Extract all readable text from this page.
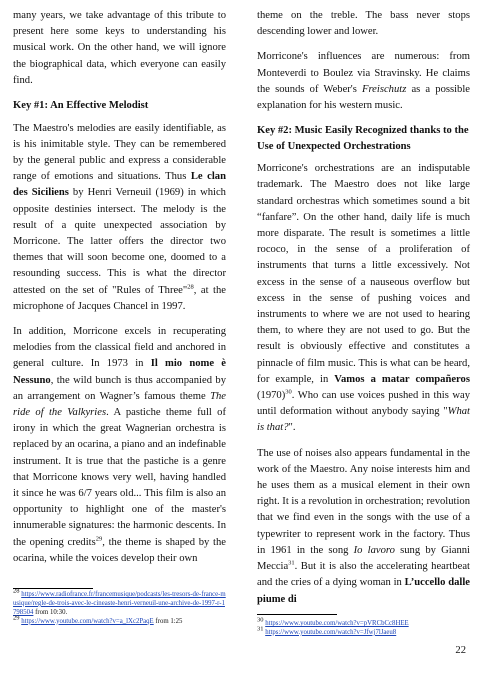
many years, we take advantage of this tribute to present here some keys to understanding his musical work. On the other hand, we will ignore the biographical data, which everyone can easily find.

Key #1: An Effective Melodist

The Maestro's melodies are easily identifiable, as is his inimitable style. They can be remembered by the general public and express a considerable range of emotions and situations. Thus Le clan des Siciliens by Henri Verneuil (1969) in which opposite destinies intersect. The melody is the result of a quite unexpected association by Morricone. The latter offers the director two themes that will soon become one, doomed to a resounding success. This is what the director attested on the set of "Rules of Three"$^{28}$, at the microphone of Jacques Chancel in 1997.

In addition, Morricone excels in recuperating melodies from the classical field and anchored in general culture. In 1973 in Il mio nome è Nessuno, the wild bunch is thus accompanied by an arrangement on Wagner’s famous theme The ride of the Valkyries. A pastiche theme full of irony in which the great Wagnerian orchestra is replaced by an ocarina, a piano and an indefinable instrument. It is true that the pastiche is a genre that Morricone knows very well, having handled it since he was 6/7 years old... This film is also an opportunity to highlight one of the master's innumerable signatures: the harmonic descents. In the opening credits$^{29}$, the theme is shaped by the ocarina, while the voices develop their own

theme on the treble. The bass never stops descending lower and lower.

Morricone's influences are numerous: from Monteverdi to Boulez via Stravinsky. He claims the sounds of Weber's Freischutz as a possible explanation for his western music.

Key #2: Music Easily Recognized thanks to the Use of Unexpected Orchestrations

Morricone's orchestrations are an indisputable trademark. The Maestro does not like large standard orchestras which sometimes sound a bit “fanfare”. On the other hand, daily life is much more disparate. The result is sometimes a little rococo, in the sense of a proliferation of instruments that turns a little excessively. Not excess in the sense of a nauseous overflow but excess in the sense of pushing voices and instruments to where we are not used to hearing them, to where they are not used to go. But the result is obviously effective and constitutes a pinnacle of film music. This is what can be heard, for example, in Vamos a matar compañeros $(1970)^{30}$. Who can use voices pushed in this way until deformation without anybody saying "What is that?".

The use of noises also appears fundamental in the work of the Maestro. Any noise interests him and he uses them as a musical element in their own right. It is a revolution in orchestration; revolution that we find even in the songs with the use of a typewriter to represent work in the factory. Thus in 1961 in the song Io lavoro sung by Gianni Meccia$^{31}$. But it is also the accelerating heartbeat and the cries of a dying woman in L’uccello dalle piume di

$^{28}$ https://www.radiofrance.fr/francemusique/podcasts/les-tresors-de-france-musique/regle-de-trois-avec-le-cineaste-henri-verneuil-une-archive-de-1997-r-1798504 from 10:30.
$^{29}$ https://www.youtube.com/watch?v=a_lXc2PaqE from 1:25	$^{30}$ https://www.youtube.com/watch?v=pVRCbCc8HEE
$^{31}$ https://www.youtube.com/watch?v=Jfwj7lJaeu8
22
